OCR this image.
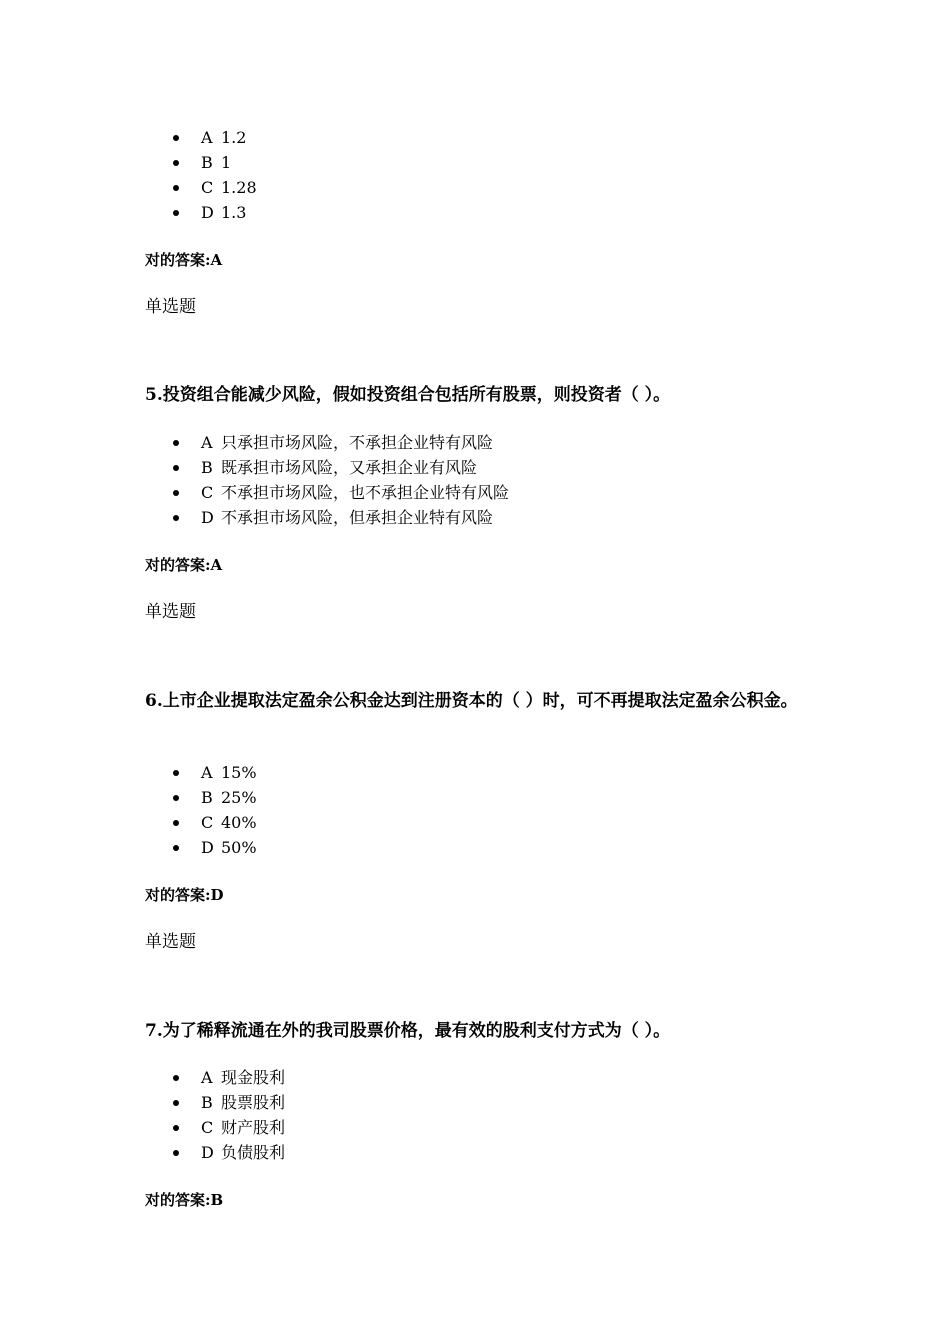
A 1.2
B 1
C 1.28
D 1.3
对的答案:A
单选题
5.投资组合能减少风险，假如投资组合包括所有股票，则投资者（ ）。
A 只承担市场风险，不承担企业特有风险
B 既承担市场风险，又承担企业有风险
C 不承担市场风险，也不承担企业特有风险
D 不承担市场风险，但承担企业特有风险
对的答案:A
单选题
6.上市企业提取法定盈余公积金达到注册资本的（ ）时，可不再提取法定盈余公积金。
A 15%
B 25%
C 40%
D 50%
对的答案:D
单选题
7.为了稀释流通在外的我司股票价格，最有效的股利支付方式为（ ）。
A 现金股利
B 股票股利
C 财产股利
D 负债股利
对的答案:B
